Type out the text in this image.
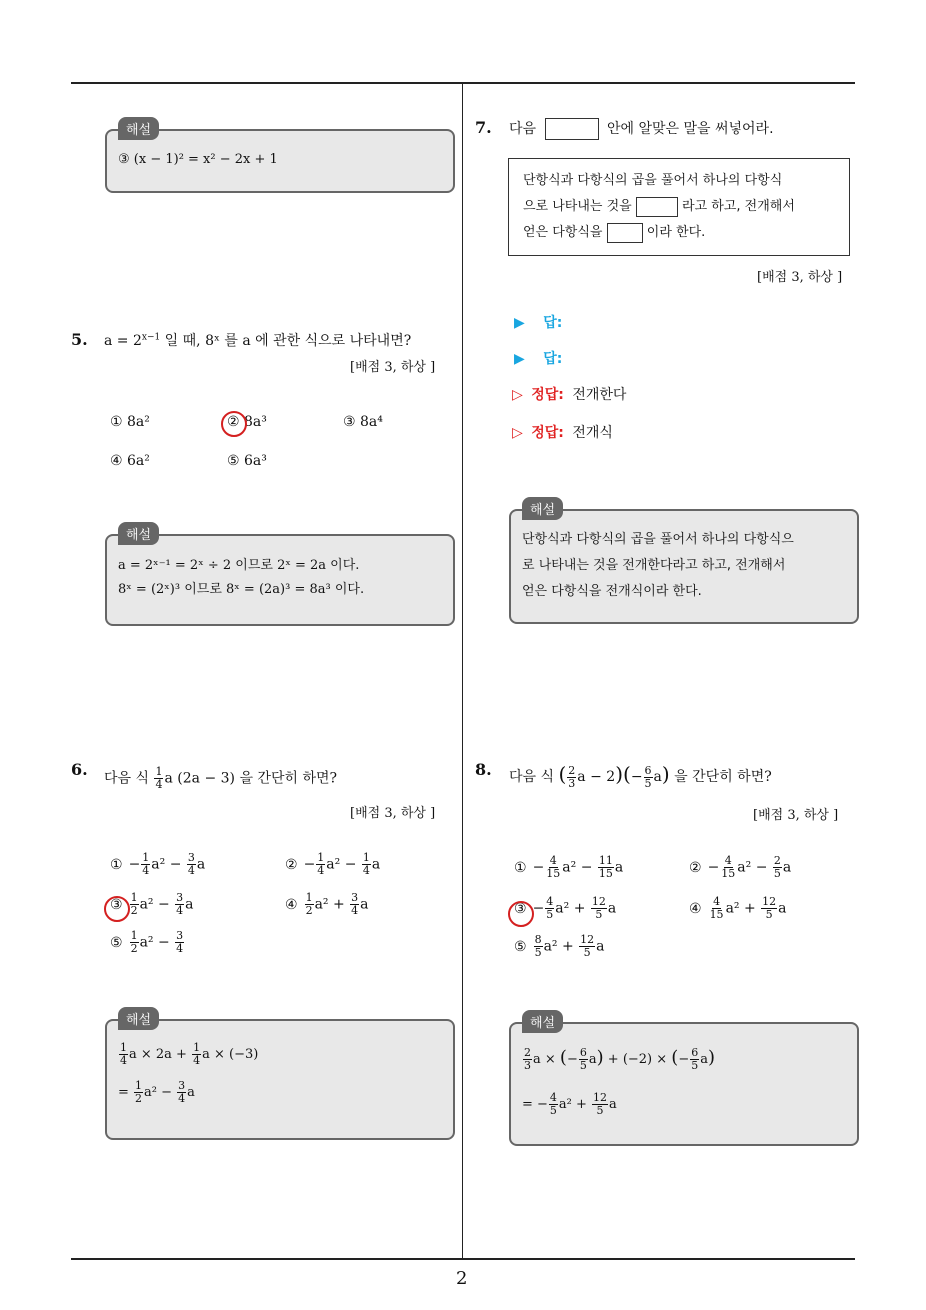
2
해설
③ (x − 1)² = x² − 2x + 1
5. $a = 2^{x-1}$ 일 때, 8ˣ 를 a 에 관한 식으로 나타내면?
[배점 3, 하상 ]
① 8a²	② 8a³	③ 8a⁴
④ 6a²	⑤ 6a³
해설
a = 2ˣ⁻¹ = 2ˣ ÷ 2 이므로 2ˣ = 2a 이다.
8ˣ = (2ˣ)³ 이므로 8ˣ = (2a)³ = 8a³ 이다.
6. 다음 식 $\frac{1}{4}$ a (2a − 3) 을 간단히 하면?
[배점 3, 하상 ]
① − $\frac{1}{4} a^2 - \frac{3}{4}$ a	② − $\frac{1}{4} a^2 - \frac{1}{4}$ a
③ $\frac{1}{2} a^2 - \frac{3}{4}$ a	④ $\frac{1}{2} a^2 + \frac{3}{4}$ a
⑤ $\frac{1}{2} a^2 - \frac{3}{4}$
해설
$\frac{1}{4}$ $a \times 2a + \frac{1}{4}$ a × (−3)
= $\frac{1}{2} a^2 - \frac{3}{4}$ a
7. 다음	안에 알맞은 말을 써넣어라.
단항식과 다항식의 곱을 풀어서 하나의 다항식
으로 나타내는 것을	라고 하고, 전개해서
얻은 다항식을	이라 한다.
[배점 3, 하상 ]
▶ 답:
▶ 답:
▷ 정답: 전개한다
▷ 정답: 전개식
해설
단항식과 다항식의 곱을 풀어서 하나의 다항식으
로 나타내는 것을 전개한다라고 하고, 전개해서
얻은 다항식을 전개식이라 한다.
8. 다음 식 ( $\frac{2}{3}$ $a - 2)(- \frac{6}{5} a)$ 을 간단히 하면?
[배점 3, 하상 ]
① − $\frac{4}{15} a^2 - \frac{11}{15}$ a	② − $\frac{4}{15} a^2 - \frac{2}{5}$ a
③ − $\frac{4}{5} a^2 + \frac{12}{5}$ a	④ $\frac{4}{15} a^2 + \frac{12}{5}$ a
⑤ $\frac{8}{5} a^2 + \frac{12}{5}$ a
해설
$\frac{2}{3}$ a × (− $\frac{6}{5} a) + (-2)$ × (− $\frac{6}{5} a$)
= − $\frac{4}{5} a^2 + \frac{12}{5}$ a
